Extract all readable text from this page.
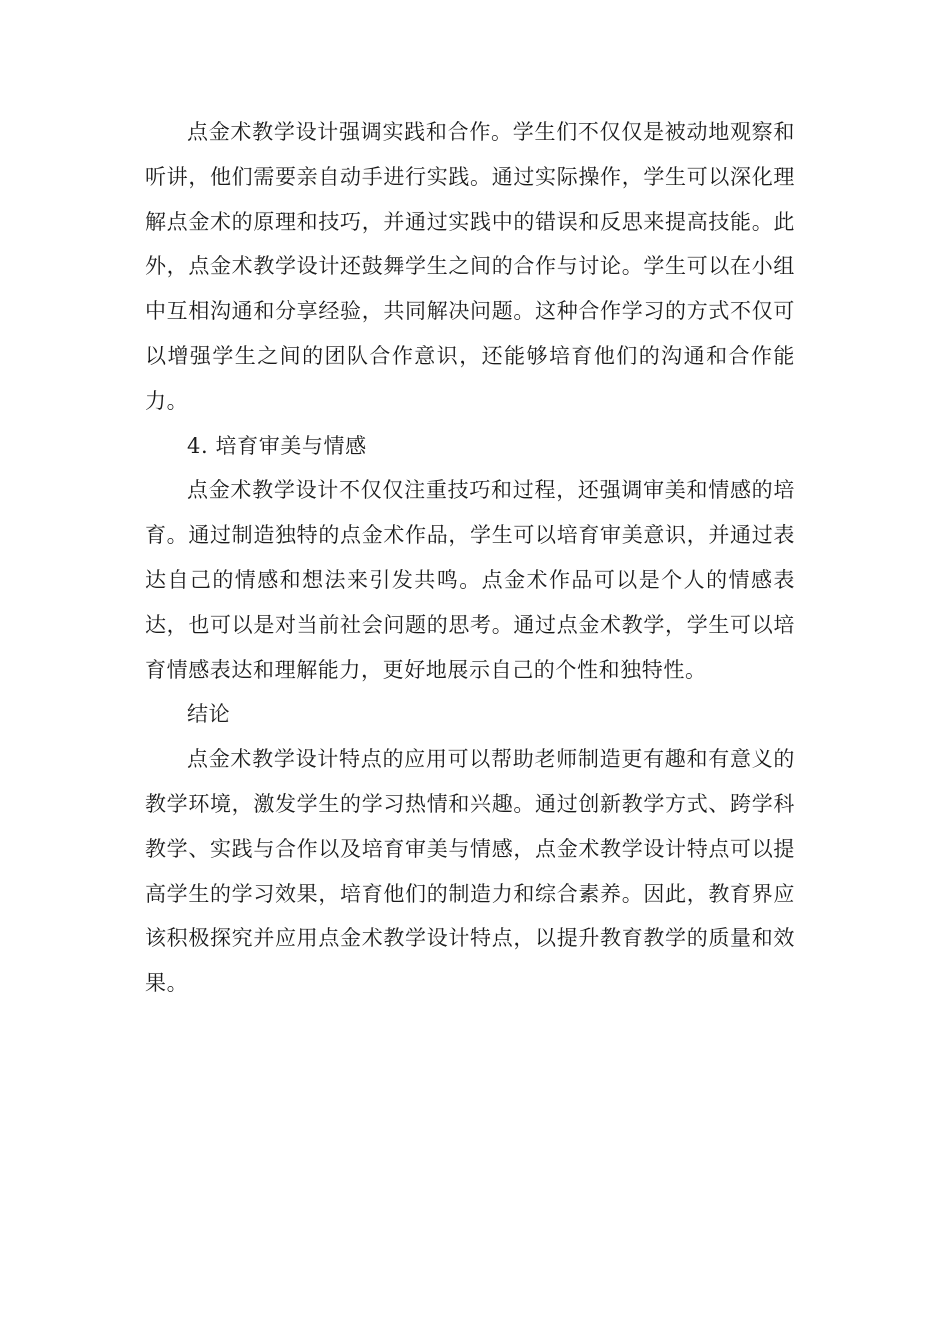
点金术教学设计强调实践和合作。学生们不仅仅是被动地观察和听讲，他们需要亲自动手进行实践。通过实际操作，学生可以深化理解点金术的原理和技巧，并通过实践中的错误和反思来提高技能。此外，点金术教学设计还鼓舞学生之间的合作与讨论。学生可以在小组中互相沟通和分享经验，共同解决问题。这种合作学习的方式不仅可以增强学生之间的团队合作意识，还能够培育他们的沟通和合作能力。

4. 培育审美与情感

点金术教学设计不仅仅注重技巧和过程，还强调审美和情感的培育。通过制造独特的点金术作品，学生可以培育审美意识，并通过表达自己的情感和想法来引发共鸣。点金术作品可以是个人的情感表达，也可以是对当前社会问题的思考。通过点金术教学，学生可以培育情感表达和理解能力，更好地展示自己的个性和独特性。

结论

点金术教学设计特点的应用可以帮助老师制造更有趣和有意义的教学环境，激发学生的学习热情和兴趣。通过创新教学方式、跨学科教学、实践与合作以及培育审美与情感，点金术教学设计特点可以提高学生的学习效果，培育他们的制造力和综合素养。因此，教育界应该积极探究并应用点金术教学设计特点，以提升教育教学的质量和效果。
